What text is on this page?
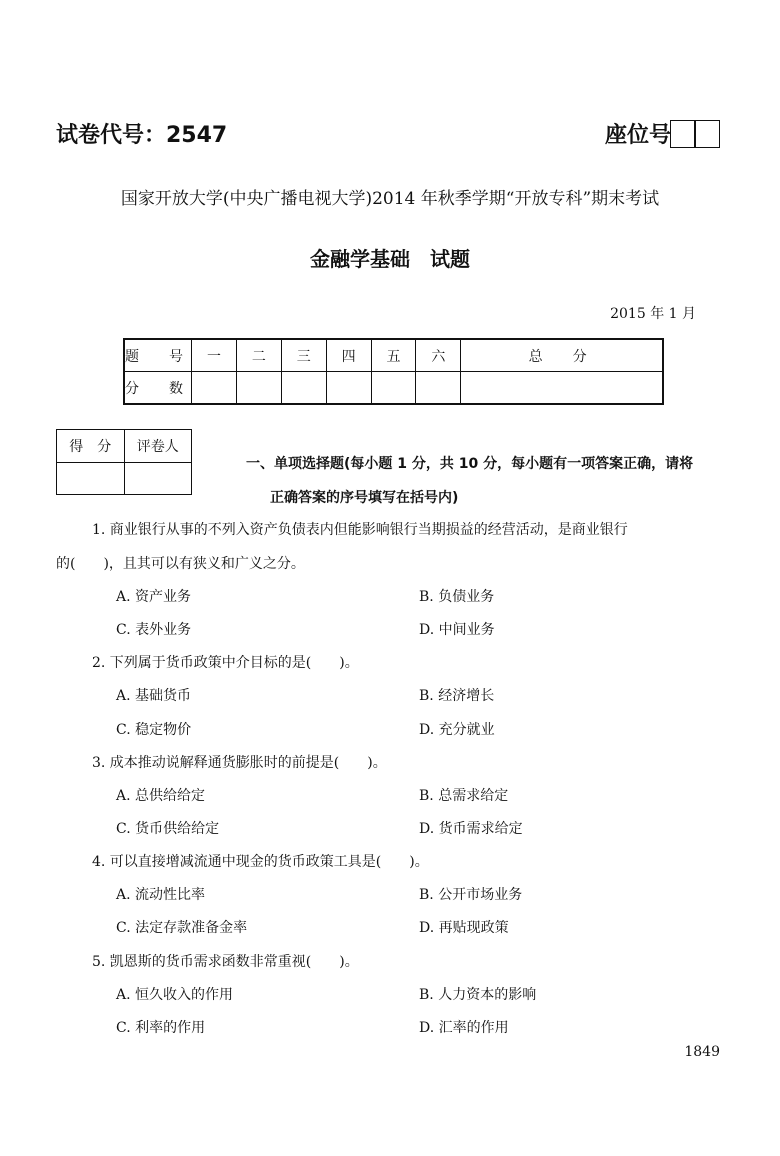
试卷代号：2547	座位号
国家开放大学(中央广播电视大学)2014 年秋季学期“开放专科”期末考试
金融学基础　试题
2015 年 1 月
题　号	一	二	三	四	五	六	总　分
分　数							
得　分	评卷人

一、单项选择题(每小题 1 分，共 10 分，每小题有一项答案正确，请将
正确答案的序号填写在括号内)
1. 商业银行从事的不列入资产负债表内但能影响银行当期损益的经营活动，是商业银行
的(　　)，且其可以有狭义和广义之分。
A. 资产业务	B. 负债业务
C. 表外业务	D. 中间业务
2. 下列属于货币政策中介目标的是(　　)。
A. 基础货币	B. 经济增长
C. 稳定物价	D. 充分就业
3. 成本推动说解释通货膨胀时的前提是(　　)。
A. 总供给给定	B. 总需求给定
C. 货币供给给定	D. 货币需求给定
4. 可以直接增减流通中现金的货币政策工具是(　　)。
A. 流动性比率	B. 公开市场业务
C. 法定存款准备金率	D. 再贴现政策
5. 凯恩斯的货币需求函数非常重视(　　)。
A. 恒久收入的作用	B. 人力资本的影响
C. 利率的作用	D. 汇率的作用
1849
